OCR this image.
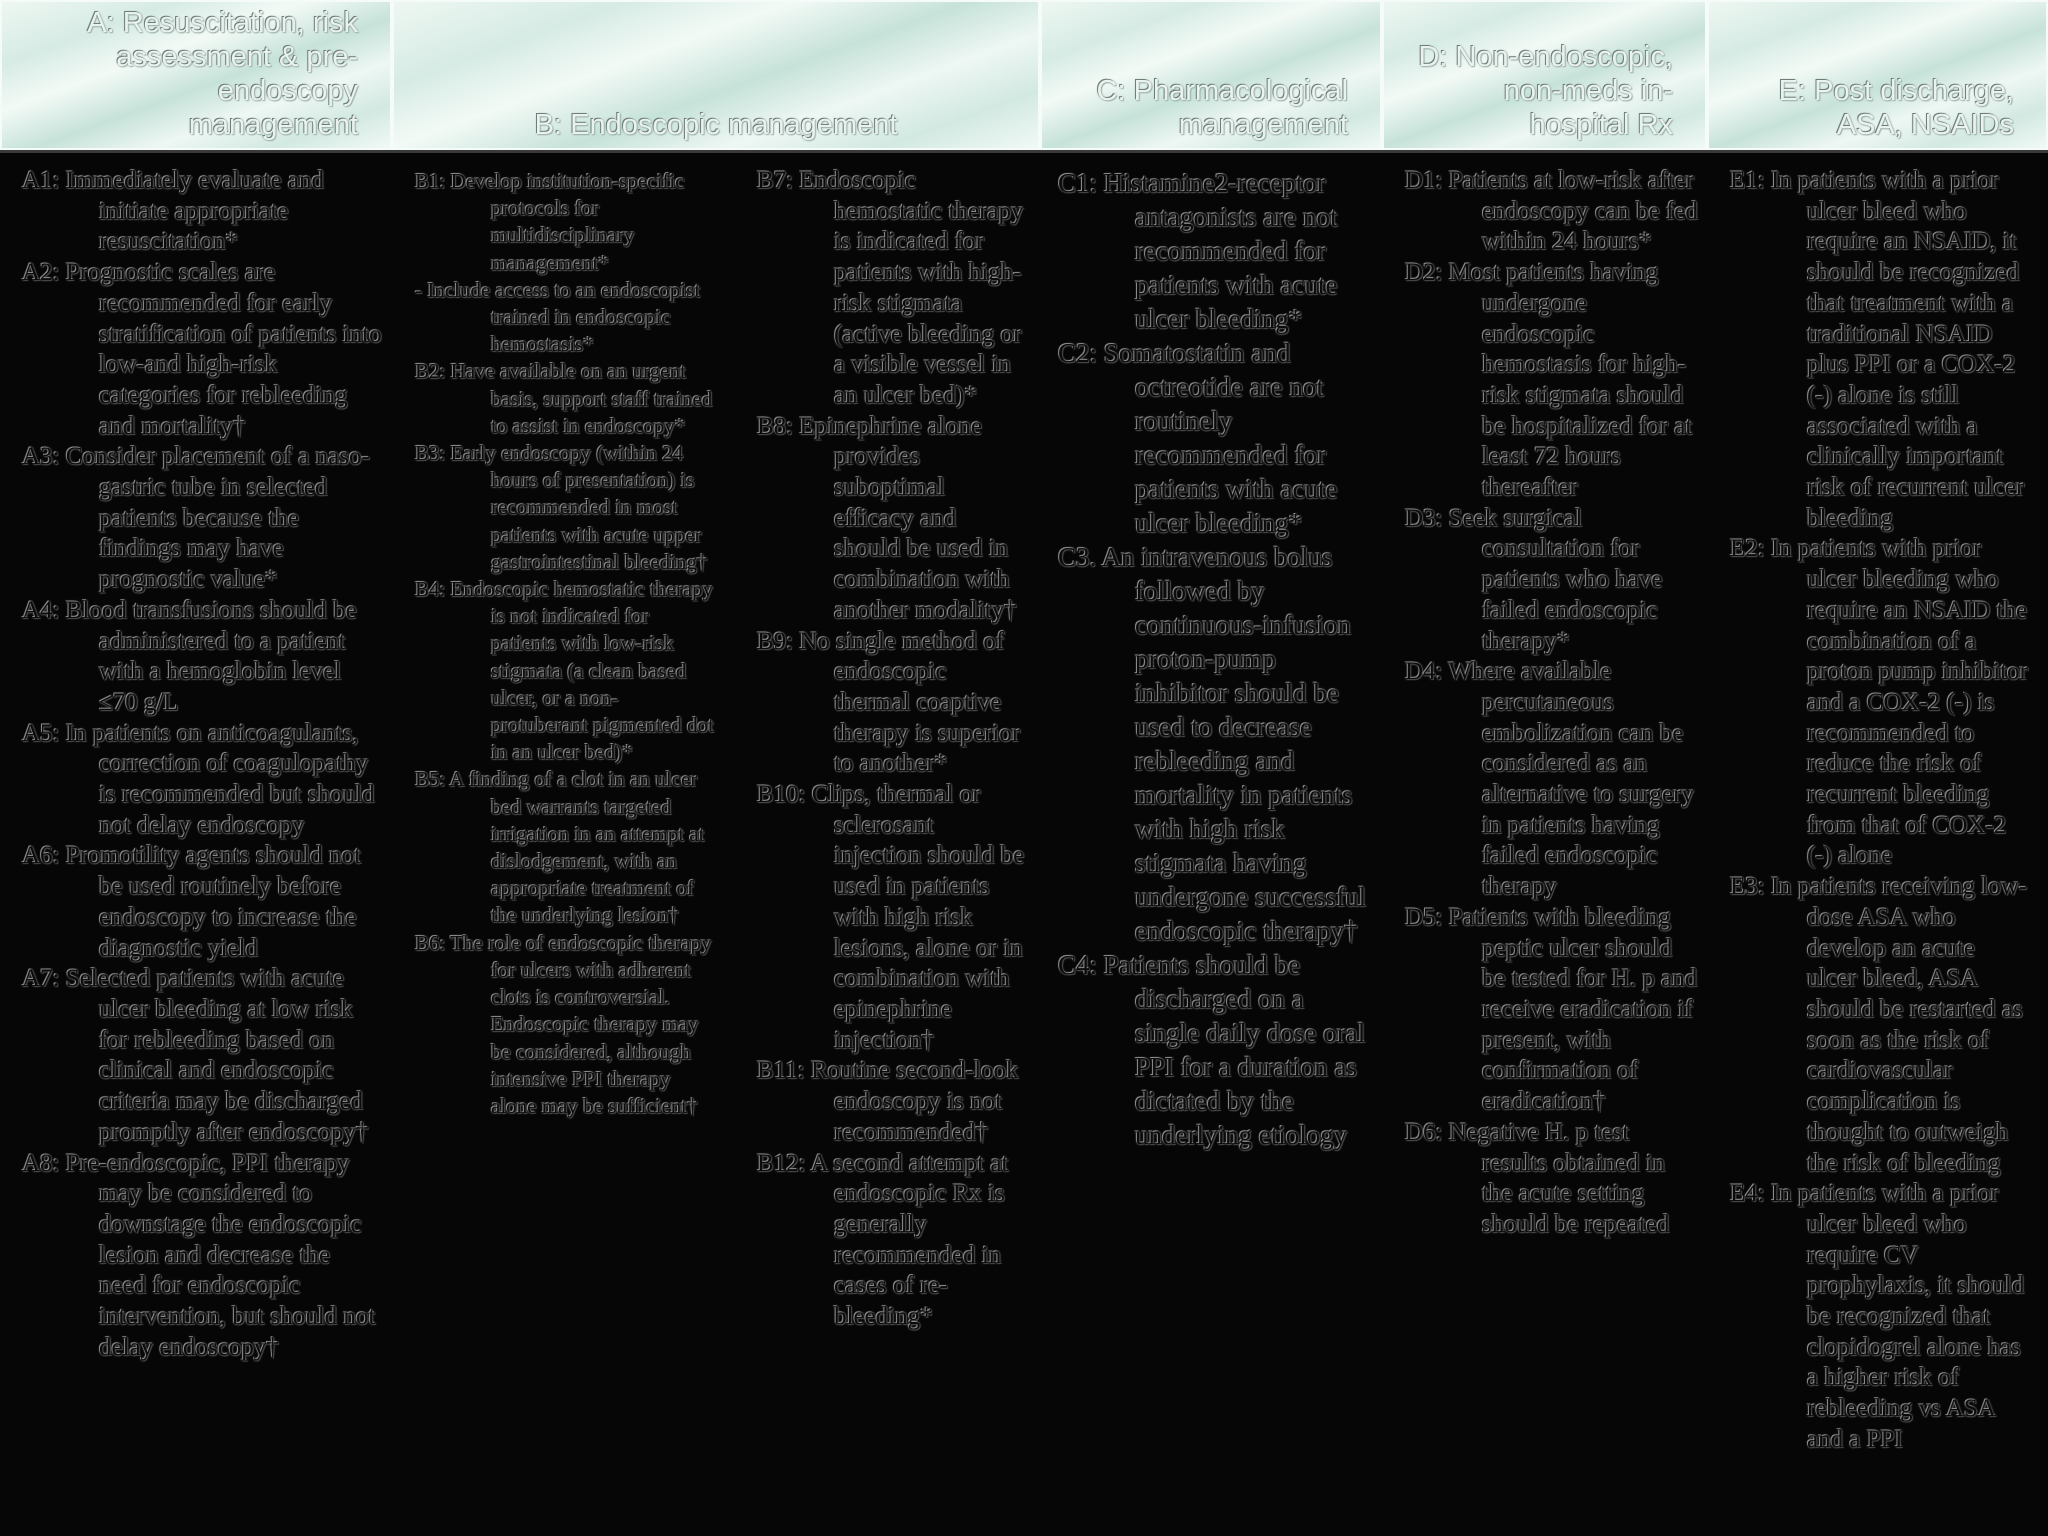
A: Resuscitation, risk
assessment & pre-
endoscopy
management	B: Endoscopic management
C: Pharmacological
management
D: Non-endoscopic,
non-meds in-
hospital Rx
E: Post discharge,
ASA, NSAIDs

A1: Immediately evaluate and initiate appropriate resuscitation*

A2: Prognostic scales are recommended for early stratification of patients into low-and high-risk categories for rebleeding and mortality†

A3: Consider placement of a naso-gastric tube in selected patients because the findings may have prognostic value*

A4: Blood transfusions should be administered to a patient with a hemoglobin level ≤70 g/L

A5: In patients on anticoagulants, correction of coagulopathy is recommended but should not delay endoscopy

A6: Promotility agents should not be used routinely before endoscopy to increase the diagnostic yield

A7: Selected patients with acute ulcer bleeding at low risk for rebleeding based on clinical and endoscopic criteria may be discharged promptly after endoscopy†

A8: Pre-endoscopic, PPI therapy may be considered to downstage the endoscopic lesion and decrease the need for endoscopic intervention, but should not delay endoscopy†

B1: Develop institution-specific protocols for multidisciplinary management*

- Include access to an endoscopist trained in endoscopic hemostasis*

B2: Have available on an urgent basis, support staff trained to assist in endoscopy*

B3: Early endoscopy (within 24 hours of presentation) is recommended in most patients with acute upper gastrointestinal bleeding†

B4: Endoscopic hemostatic therapy is not indicated for patients with low-risk stigmata (a clean based ulcer, or a non-protuberant pigmented dot in an ulcer bed)*

B5: A finding of a clot in an ulcer bed warrants targeted irrigation in an attempt at dislodgement, with an appropriate treatment of the underlying lesion†

B6: The role of endoscopic therapy for ulcers with adherent clots is controversial. Endoscopic therapy may be considered, although intensive PPI therapy alone may be sufficient†

B7: Endoscopic hemostatic therapy is indicated for patients with high-risk stigmata (active bleeding or a visible vessel in an ulcer bed)*

B8: Epinephrine alone provides suboptimal efficacy and should be used in combination with another modality†

B9: No single method of endoscopic thermal coaptive therapy is superior to another*

B10: Clips, thermal or sclerosant injection should be used in patients with high risk lesions, alone or in combination with epinephrine injection†

B11: Routine second-look endoscopy is not recommended†

B12: A second attempt at endoscopic Rx is generally recommended in cases of re-bleeding*

C1: Histamine2-receptor antagonists are not recommended for patients with acute ulcer bleeding*

C2: Somatostatin and octreotide are not routinely recommended for patients with acute ulcer bleeding*

C3. An intravenous bolus followed by continuous-infusion proton-pump inhibitor should be used to decrease rebleeding and mortality in patients with high risk stigmata having undergone successful endoscopic therapy†

C4: Patients should be discharged on a single daily dose oral PPI for a duration as dictated by the underlying etiology

D1: Patients at low-risk after endoscopy can be fed within 24 hours*

D2: Most patients having undergone endoscopic hemostasis for high-risk stigmata should be hospitalized for at least 72 hours thereafter

D3: Seek surgical consultation for patients who have failed endoscopic therapy*

D4: Where available percutaneous embolization can be considered as an alternative to surgery in patients having failed endoscopic therapy

D5: Patients with bleeding peptic ulcer should be tested for H. p and receive eradication if present, with confirmation of eradication†

D6: Negative H. p test results obtained in the acute setting should be repeated

E1: In patients with a prior ulcer bleed who require an NSAID, it should be recognized that treatment with a traditional NSAID plus PPI or a COX-2 (-) alone is still associated with a clinically important risk of recurrent ulcer bleeding

E2: In patients with prior ulcer bleeding who require an NSAID the combination of a proton pump inhibitor and a COX-2 (-) is recommended to reduce the risk of recurrent bleeding from that of COX-2 (-) alone

E3: In patients receiving low-dose ASA who develop an acute ulcer bleed, ASA should be restarted as soon as the risk of cardiovascular complication is thought to outweigh the risk of bleeding

E4: In patients with a prior ulcer bleed who require CV prophylaxis, it should be recognized that clopidogrel alone has a higher risk of rebleeding vs ASA and a PPI
